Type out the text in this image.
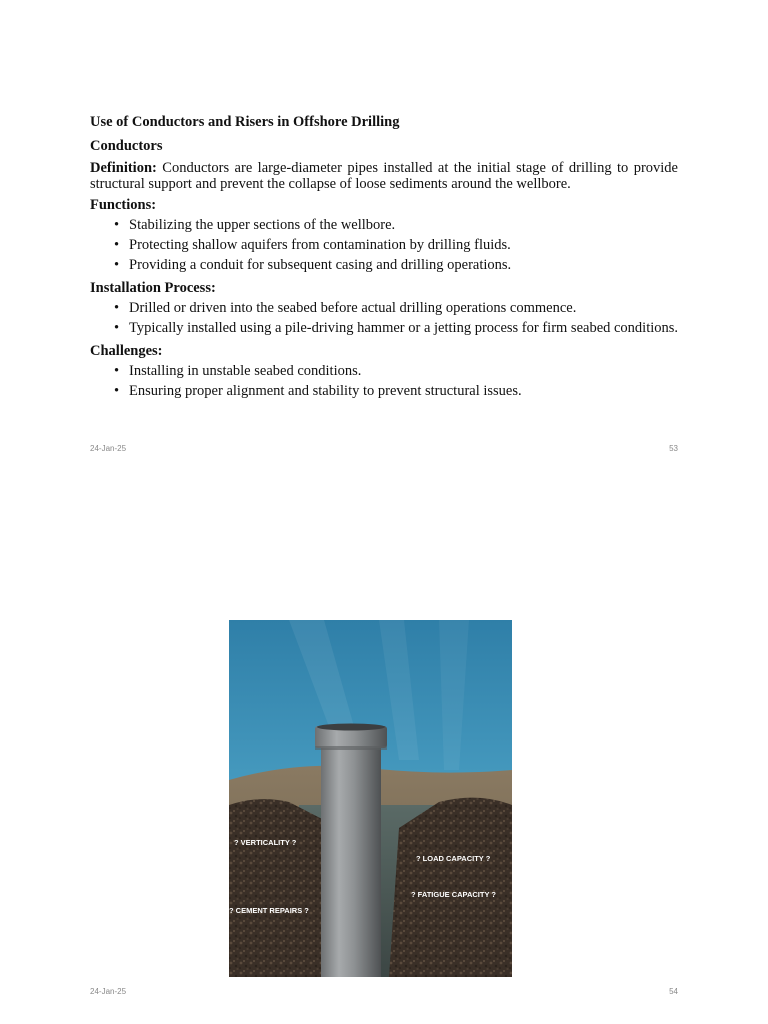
Use of Conductors and Risers in Offshore Drilling
Conductors

Definition: Conductors are large-diameter pipes installed at the initial stage of drilling to provide structural support and prevent the collapse of loose sediments around the wellbore.

Functions:
• Stabilizing the upper sections of the wellbore.
• Protecting shallow aquifers from contamination by drilling fluids.
• Providing a conduit for subsequent casing and drilling operations.
Installation Process:
• Drilled or driven into the seabed before actual drilling operations commence.
• Typically installed using a pile-driving hammer or a jetting process for firm seabed conditions.
Challenges:
• Installing in unstable seabed conditions.
• Ensuring proper alignment and stability to prevent structural issues.
24-Jan-25	53
? VERTICALITY ?
? LOAD CAPACITY ?
? FATIGUE CAPACITY ?
? CEMENT REPAIRS ?
24-Jan-25	54
